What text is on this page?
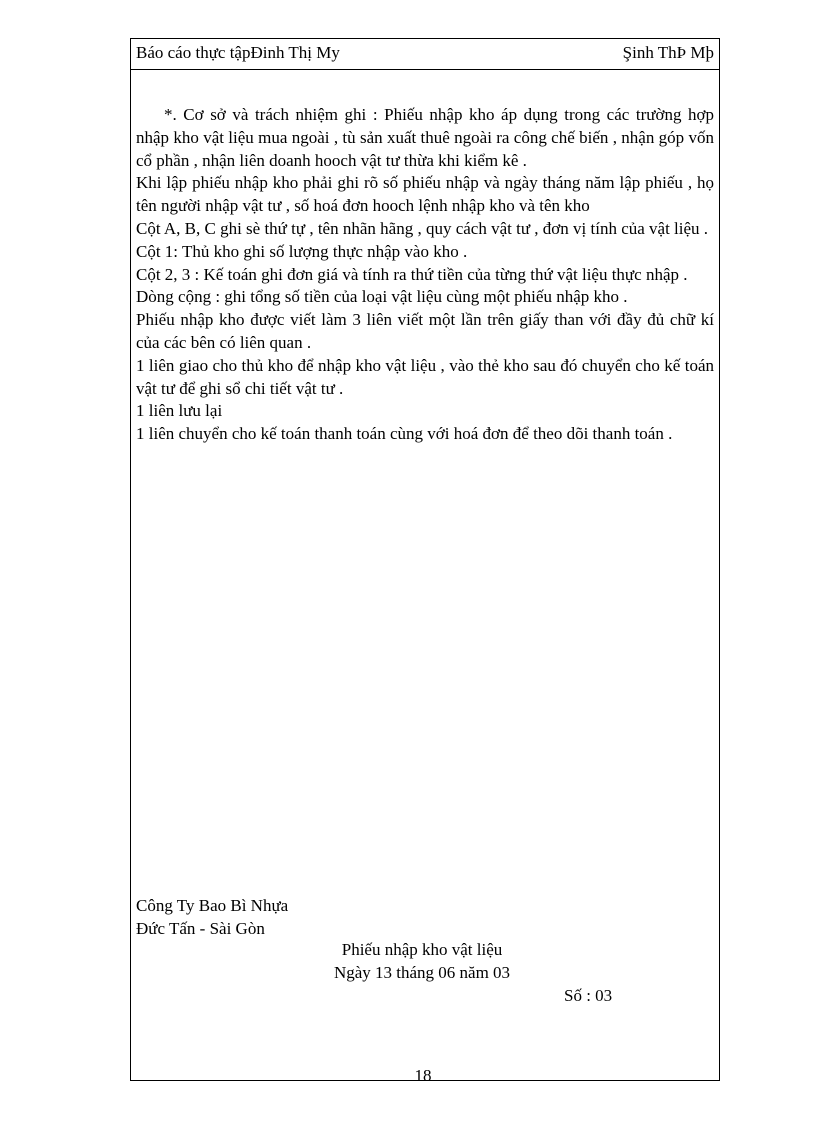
Báo cáo thực tậpĐinh Thị My	Şinh ThÞ Mþ

*. Cơ sở và trách nhiệm ghi : Phiếu nhập kho áp dụng trong các trường hợp nhập kho vật liệu mua ngoài , tù sản xuất thuê ngoài ra công chế biến , nhận góp vốn cổ phần , nhận liên doanh hooch vật tư thừa khi kiểm kê .

Khi lập phiếu nhập kho phải ghi rõ số phiếu nhập và ngày tháng năm lập phiếu , họ tên người nhập vật tư , số hoá đơn hooch lệnh nhập kho và tên kho

Cột A, B, C ghi sè thứ tự , tên nhãn hãng , quy cách vật tư , đơn vị tính của vật liệu .

Cột 1: Thủ kho ghi số lượng thực nhập vào kho .

Cột 2, 3 : Kế toán ghi đơn giá và tính ra thứ tiền của từng thứ vật liệu thực nhập .

Dòng cộng : ghi tổng số tiền của loại vật liệu cùng một phiếu nhập kho .

Phiếu nhập kho được viết làm 3 liên viết một lần trên giấy than với đầy đủ chữ kí của các bên có liên quan .

1 liên giao cho thủ kho để nhập kho vật liệu , vào thẻ kho sau đó chuyển cho kế toán vật tư để ghi sổ chi tiết vật tư .

1 liên lưu lại

1 liên chuyển cho kế toán thanh toán cùng với hoá đơn để theo dõi thanh toán .

Công Ty Bao Bì Nhựa
Đức Tấn - Sài Gòn
Phiếu nhập kho vật liệu
Ngày 13 tháng 06 năm 03
Số : 03
18
